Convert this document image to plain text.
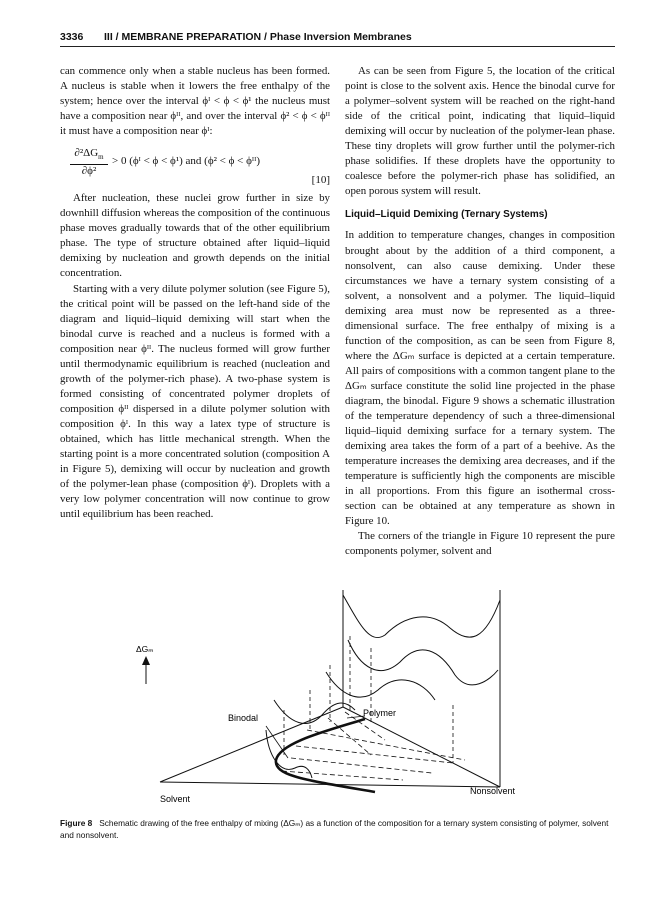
3336 III / MEMBRANE PREPARATION / Phase Inversion Membranes

can commence only when a stable nucleus has been formed. A nucleus is stable when it lowers the free enthalpy of the system; hence over the interval ϕᴵ < ϕ < ϕ¹ the nucleus must have a composition near ϕᴵᴵ, and over the interval ϕ² < ϕ < ϕᴵᴵ it must have a composition near ϕᴵ:

$\partial^2\Delta G_m$
∂ϕ²
> 0 (ϕᴵ < ϕ < ϕ¹) and (ϕ² < ϕ < ϕᴵᴵ)
[10]

After nucleation, these nuclei grow further in size by downhill diffusion whereas the composition of the continuous phase moves gradually towards that of the other equilibrium phase. The type of structure obtained after liquid–liquid demixing by nucleation and growth depends on the initial concentration.

Starting with a very dilute polymer solution (see Figure 5), the critical point will be passed on the left-hand side of the diagram and liquid–liquid demixing will start when the binodal curve is reached and a nucleus is formed with a composition near ϕᴵᴵ. The nucleus formed will grow further until thermodynamic equilibrium is reached (nucleation and growth of the polymer-rich phase). A two-phase system is formed consisting of concentrated polymer droplets of composition ϕᴵᴵ dispersed in a dilute polymer solution with composition ϕᴵ. In this way a latex type of structure is obtained, which has little mechanical strength. When the starting point is a more concentrated solution (composition A in Figure 5), demixing will occur by nucleation and growth of the polymer-lean phase (composition ϕᴵ). Droplets with a very low polymer concentration will now continue to grow until equilibrium has been reached.

As can be seen from Figure 5, the location of the critical point is close to the solvent axis. Hence the binodal curve for a polymer–solvent system will be reached on the right-hand side of the critical point, indicating that liquid–liquid demixing will occur by nucleation of the polymer-lean phase. These tiny droplets will grow further until the polymer-rich phase solidifies. If these droplets have the opportunity to coalesce before the polymer-rich phase has solidified, an open porous system will result.

Liquid–Liquid Demixing (Ternary Systems)

In addition to temperature changes, changes in composition brought about by the addition of a third component, a nonsolvent, can also cause demixing. Under these circumstances we have a ternary system consisting of a solvent, a nonsolvent and a polymer. The liquid–liquid demixing area must now be represented as a three-dimensional surface. The free enthalpy of mixing is a function of the composition, as can be seen from Figure 8, where the ΔGₘ surface is depicted at a certain temperature. All pairs of compositions with a common tangent plane to the ΔGₘ surface constitute the solid line projected in the phase diagram, the binodal. Figure 9 shows a schematic illustration of the temperature dependency of such a three-dimensional liquid–liquid demixing surface for a ternary system. The demixing area takes the form of a part of a beehive. As the temperature increases the demixing area decreases, and if the temperature is sufficiently high the components are miscible in all proportions. From this figure an isothermal cross-section can be obtained at any temperature as shown in Figure 10.

The corners of the triangle in Figure 10 represent the pure components polymer, solvent and

ΔGₘ
Binodal	Polymer
Solvent
Nonsolvent
Figure 8 Schematic drawing of the free enthalpy of mixing (ΔGₘ) as a function of the composition for a ternary system consisting of polymer, solvent and nonsolvent.
